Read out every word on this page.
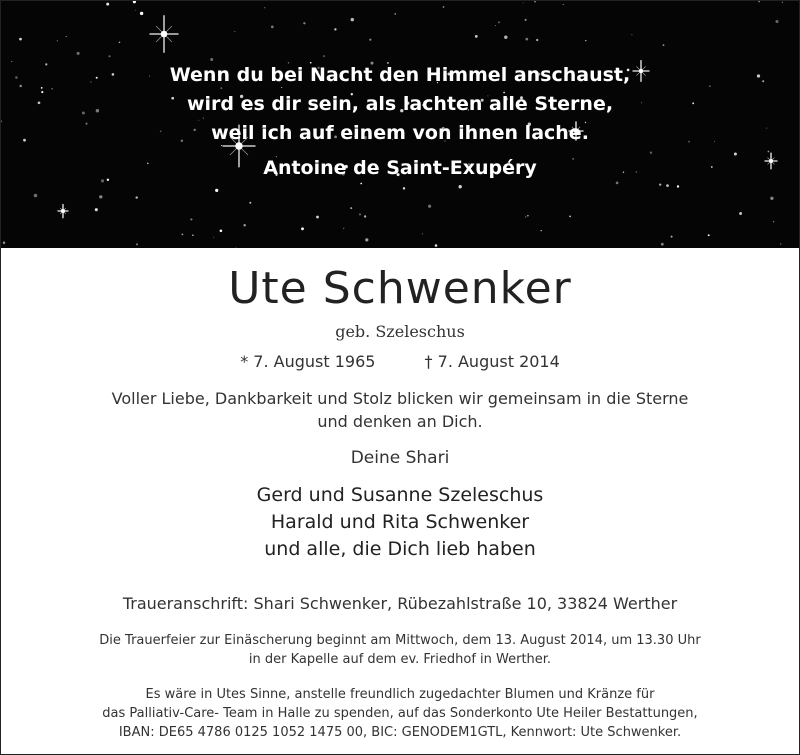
Wenn du bei Nacht den Himmel anschaust,
wird es dir sein, als lachten alle Sterne,
weil ich auf einem von ihnen lache.
Antoine de Saint-Exupéry
Ute Schwenker
geb. Szeleschus
* 7. August 1965	† 7. August 2014
Voller Liebe, Dankbarkeit und Stolz blicken wir gemeinsam in die Sterne
und denken an Dich.
Deine Shari
Gerd und Susanne Szeleschus
Harald und Rita Schwenker
und alle, die Dich lieb haben
Traueranschrift: Shari Schwenker, Rübezahlstraße 10, 33824 Werther
Die Trauerfeier zur Einäscherung beginnt am Mittwoch, dem 13. August 2014, um 13.30 Uhr
in der Kapelle auf dem ev. Friedhof in Werther.
Es wäre in Utes Sinne, anstelle freundlich zugedachter Blumen und Kränze für
das Palliativ-Care- Team in Halle zu spenden, auf das Sonderkonto Ute Heiler Bestattungen,
IBAN: DE65 4786 0125 1052 1475 00, BIC: GENODEM1GTL, Kennwort: Ute Schwenker.
